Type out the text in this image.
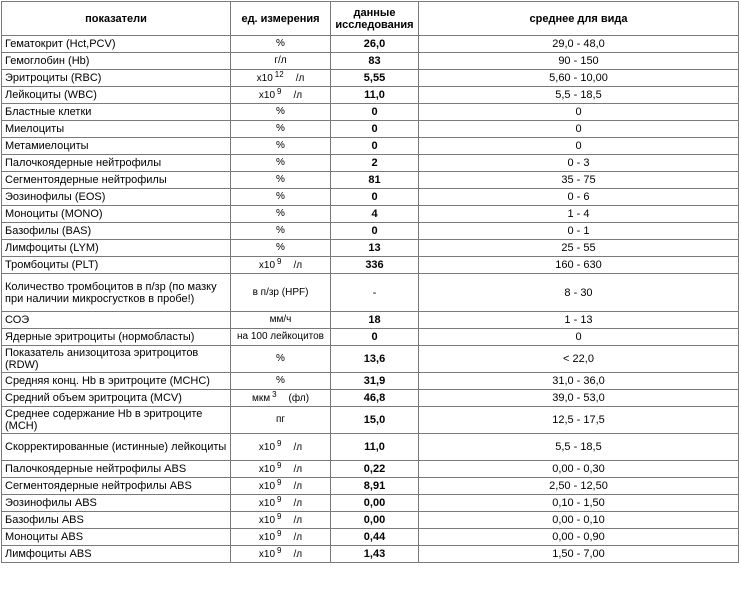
показатели	ед. измерения	данные исследования	среднее для вида
Гематокрит (Hct,PCV)	%	26,0	29,0 - 48,0
Гемоглобин (Hb)	г/л	83	90 - 150
Эритроциты (RBC)	x10 12 /л	5,55	5,60 - 10,00
Лейкоциты (WBC)	x10 9 /л	11,0	5,5 - 18,5
Бластные клетки	%	0	0
Миелоциты	%	0	0
Метамиелоциты	%	0	0
Палочкоядерные нейтрофилы	%	2	0 - 3
Сегментоядерные нейтрофилы	%	81	35 - 75
Эозинофилы (EOS)	%	0	0 - 6
Моноциты (MONO)	%	4	1 - 4
Базофилы (BAS)	%	0	0 - 1
Лимфоциты (LYM)	%	13	25 - 55
Тромбоциты (PLT)	x10 9 /л	336	160 - 630
Количество тромбоцитов в п/зр (по мазку при наличии микросгустков в пробе!)	в п/зр (HPF)	-	8 - 30
СОЭ	мм/ч	18	1 - 13
Ядерные эритроциты (нормобласты)	на 100 лейкоцитов	0	0
Показатель анизоцитоза эритроцитов (RDW)	%	13,6	< 22,0
Средняя конц. Hb в эритроците (MCHC)	%	31,9	31,0 - 36,0
Средний объем эритроцита (MCV)	мкм 3 (фл)	46,8	39,0 - 53,0
Среднее содержание Hb в эритроците (MCH)	пг	15,0	12,5 - 17,5
Скорректированные (истинные) лейкоциты	x10 9 /л	11,0	5,5 - 18,5
Палочкоядерные нейтрофилы ABS	x10 9 /л	0,22	0,00 - 0,30
Сегментоядерные нейтрофилы ABS	x10 9 /л	8,91	2,50 - 12,50
Эозинофилы ABS	x10 9 /л	0,00	0,10 - 1,50
Базофилы ABS	x10 9 /л	0,00	0,00 - 0,10
Моноциты ABS	x10 9 /л	0,44	0,00 - 0,90
Лимфоциты ABS	x10 9 /л	1,43	1,50 - 7,00
